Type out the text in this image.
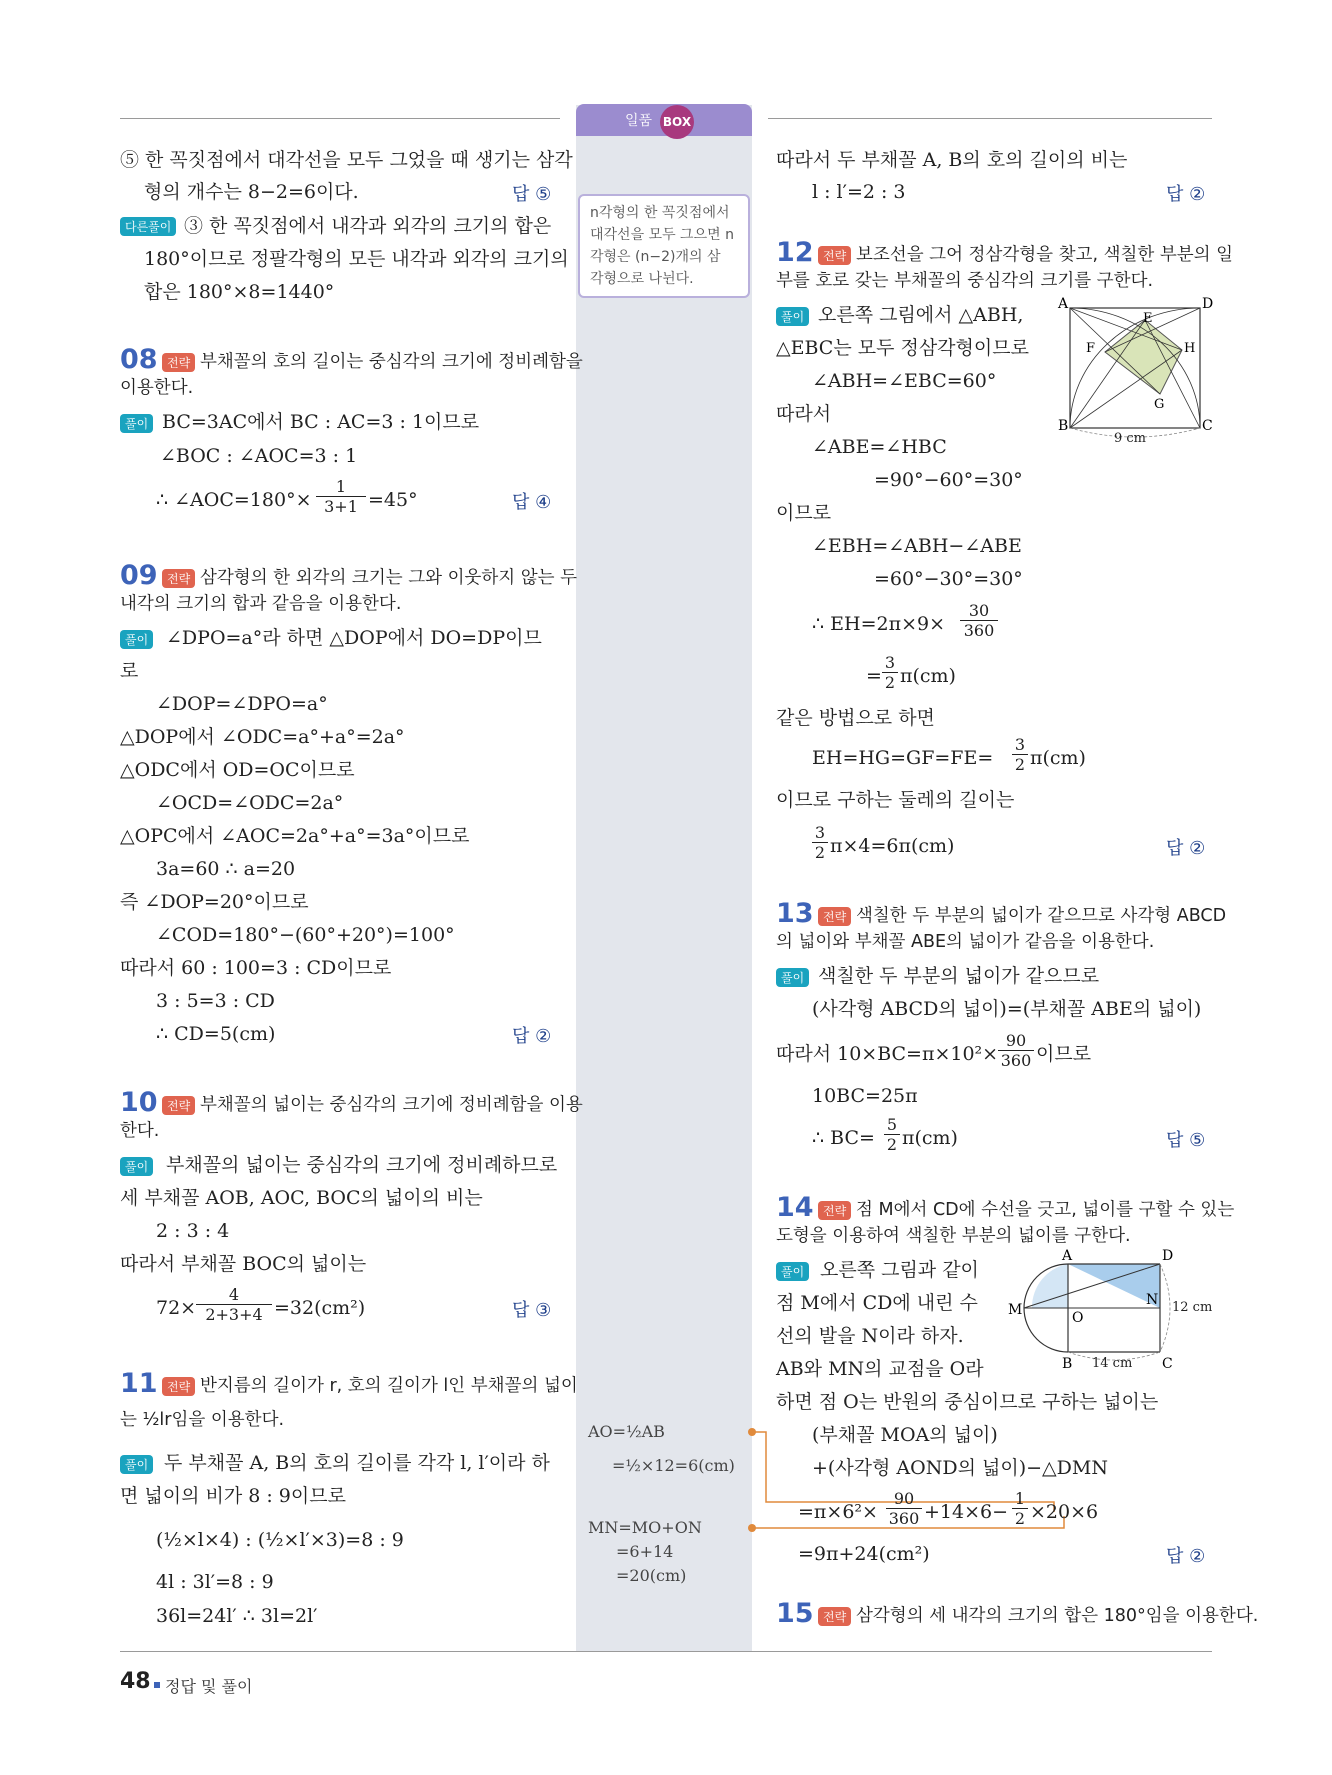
일품 BOX
n각형의 한 꼭짓점에서
대각선을 모두 그으면 n
각형은 (n−2)개의 삼
각형으로 나뉜다.
AO=½AB
=½×12=6(cm)
MN=MO+ON
=6+14
=20(cm)
⑤ 한 꼭짓점에서 대각선을 모두 그었을 때 생기는 삼각
형의 개수는 8−2=6이다.	답 ⑤
다른풀이 ③ 한 꼭짓점에서 내각과 외각의 크기의 합은
180°이므로 정팔각형의 모든 내각과 외각의 크기의
합은 180°×8=1440°
08 전략 부채꼴의 호의 길이는 중심각의 크기에 정비례함을
이용한다.
풀이 BC=3AC에서 BC : AC=3 : 1이므로
∠BOC : ∠AOC=3 : 1
∴ ∠AOC=180°× $\frac{1}{3+1} =45^\circ$	답 ④
09 전략 삼각형의 한 외각의 크기는 그와 이웃하지 않는 두
내각의 크기의 합과 같음을 이용한다.
풀이 ∠DPO=a°라 하면 △DOP에서 DO=DP이므
로
∠DOP=∠DPO=a°
△DOP에서 ∠ODC=a°+a°=2a°
△ODC에서 OD=OC이므로
∠OCD=∠ODC=2a°
△OPC에서 ∠AOC=2a°+a°=3a°이므로
3a=60 ∴ a=20
즉 ∠DOP=20°이므로
∠COD=180°−(60°+20°)=100°
따라서 60 : 100=3 : CD이므로
3 : 5=3 : CD
∴ CD=5(cm)	답 ②
10 전략 부채꼴의 넓이는 중심각의 크기에 정비례함을 이용
한다.
풀이 부채꼴의 넓이는 중심각의 크기에 정비례하므로
세 부채꼴 AOB, AOC, BOC의 넓이의 비는
2 : 3 : 4
따라서 부채꼴 BOC의 넓이는
$72\times \frac{4}{2+3+4} =32(cm^2)$	답 ③
11 전략 반지름의 길이가 r, 호의 길이가 l인 부채꼴의 넓이
는 ½lr임을 이용한다.
풀이 두 부채꼴 A, B의 호의 길이를 각각 l, l′이라 하
면 넓이의 비가 8 : 9이므로
(½×l×4) : (½×l′×3)=8 : 9
4l : 3l′=8 : 9
36l=24l′ ∴ 3l=2l′
따라서 두 부채꼴 A, B의 호의 길이의 비는
l : l′=2 : 3	답 ②
12 전략 보조선을 그어 정삼각형을 찾고, 색칠한 부분의 일
부를 호로 갖는 부채꼴의 중심각의 크기를 구한다.
풀이 오른쪽 그림에서 △ABH,
△EBC는 모두 정삼각형이므로
∠ABH=∠EBC=60°
따라서
∠ABE=∠HBC
=90°−60°=30°
이므로
∠EBH=∠ABH−∠ABE
=60°−30°=30°
∴ $EH=2\pi\times 9\times \frac{30}{360}$
= $\frac{3}{2} \pi(cm)$
같은 방법으로 하면
$EH=HG=GF=FE= \frac{3}{2} \pi(cm)$
이므로 구하는 둘레의 길이는
$\frac{3}{2} \pi\times 4=6\pi(cm)$	답 ②
A	D
B	C
E
F	H
G
9 cm
13 전략 색칠한 두 부분의 넓이가 같으므로 사각형 ABCD
의 넓이와 부채꼴 ABE의 넓이가 같음을 이용한다.
풀이 색칠한 두 부분의 넓이가 같으므로
(사각형 ABCD의 넓이)=(부채꼴 ABE의 넓이)
따라서 $10\times BC=\pi\times 10^2\times \frac{90}{360}$ 이므로
10BC=25π
∴ $BC= \frac{5}{2} \pi(cm)$	답 ⑤
14 전략 점 M에서 CD에 수선을 긋고, 넓이를 구할 수 있는
도형을 이용하여 색칠한 부분의 넓이를 구한다.
풀이 오른쪽 그림과 같이
점 M에서 CD에 내린 수
선의 발을 N이라 하자.
AB와 MN의 교점을 O라
하면 점 O는 반원의 중심이므로 구하는 넓이는
(부채꼴 MOA의 넓이)
+(사각형 AOND의 넓이)−△DMN
$=\pi\times 6^2\times \frac{90}{360} +14\times 6- \frac{1}{2} \times 20\times 6$
=9π+24(cm²)	답 ②
A	D
M
N
O
B	C
12 cm
14 cm
15 전략 삼각형의 세 내각의 크기의 합은 180°임을 이용한다.
48 정답 및 풀이
